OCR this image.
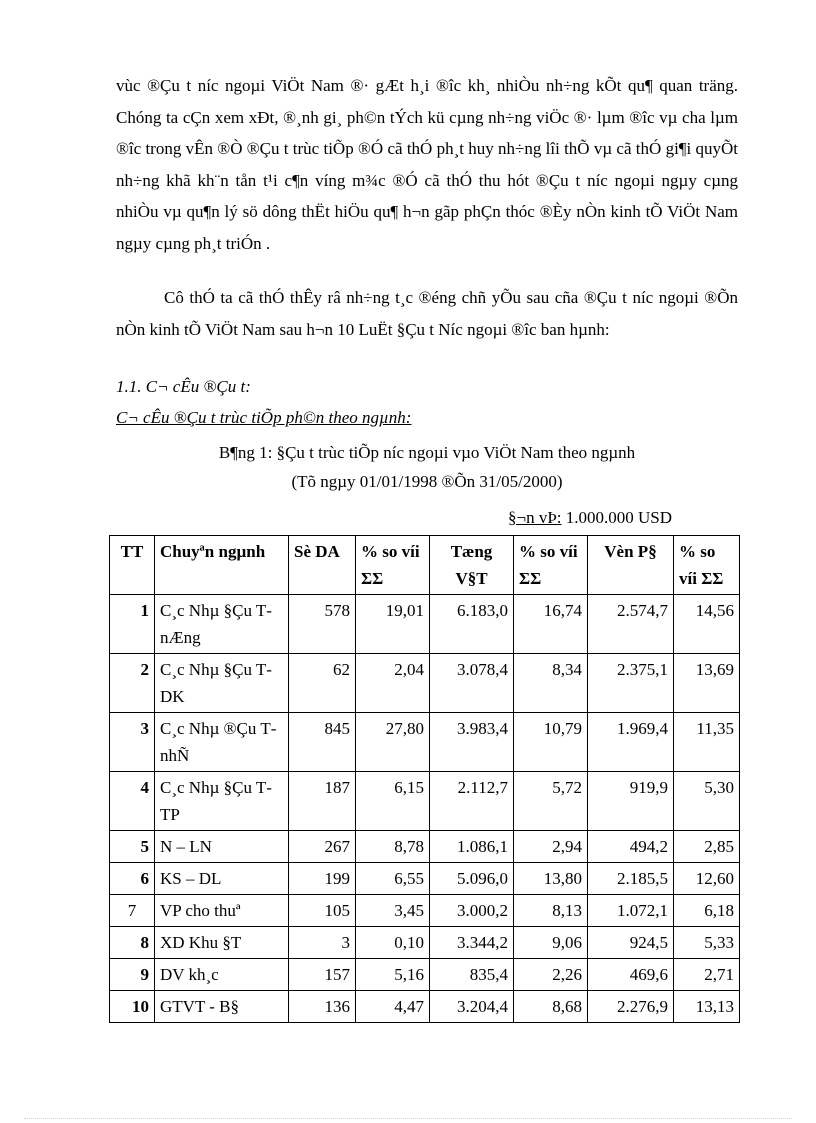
vùc ®Çu t níc ngoµi ViÖt Nam ®· gÆt h¸i ®îc kh¸ nhiÒu nh÷ng kÕt qu¶ quan träng. Chóng ta cÇn xem xÐt, ®¸nh gi¸ ph©n tÝch kü cµng nh÷ng viÖc ®· lµm ®îc vµ cha lµm ®îc trong vÊn ®Ò ®Çu t trùc tiÕp ®Ó cã thÓ ph¸t huy nh÷ng lîi thÕ vµ cã thÓ gi¶i quyÕt nh÷ng khã kh¨n tån t¹i c¶n víng m¾c ®Ó cã thÓ thu hót ®Çu t níc ngoµi ngµy cµng nhiÒu vµ qu¶n lý sö dông thËt hiÖu qu¶ h¬n gãp phÇn thóc ®Èy nÒn kinh tÕ ViÖt Nam ngµy cµng ph¸t triÓn .

Cô thÓ ta cã thÓ thÊy râ nh÷ng t¸c ®éng chñ yÕu sau cña ®Çu t níc ngoµi ®Õn nÒn kinh tÕ ViÖt Nam sau h¬n 10 LuËt §Çu t Níc ngoµi ®îc ban hµnh:

1.1. C¬ cÊu ®Çu t:

C¬ cÊu ®Çu t trùc tiÕp ph©n theo ngµnh:

B¶ng 1: §Çu t trùc tiÕp níc ngoµi vµo ViÖt Nam theo ngµnh

(Tõ ngµy 01/01/1998 ®Õn 31/05/2000)

§¬n vÞ: 1.000.000 USD
TT	Chuyªn ngµnh	Sè DA	% so víi ΣΣ	Tæng V§T	% so víi ΣΣ	Vèn P§	% so víi ΣΣ
1	C¸c Nhµ §Çu T nÆng	578	19,01	6.183,0	16,74	2.574,7	14,56
2	C¸c Nhµ §Çu T DK	62	2,04	3.078,4	8,34	2.375,1	13,69
3	C¸c Nhµ ®Çu T nhÑ	845	27,80	3.983,4	10,79	1.969,4	11,35
4	C¸c Nhµ §Çu T TP	187	6,15	2.112,7	5,72	919,9	5,30
5	N – LN	267	8,78	1.086,1	2,94	494,2	2,85
6	KS – DL	199	6,55	5.096,0	13,80	2.185,5	12,60
7	VP cho thuª	105	3,45	3.000,2	8,13	1.072,1	6,18
8	XD Khu §T	3	0,10	3.344,2	9,06	924,5	5,33
9	DV kh¸c	157	5,16	835,4	2,26	469,6	2,71
10	GTVT - B§	136	4,47	3.204,4	8,68	2.276,9	13,13
